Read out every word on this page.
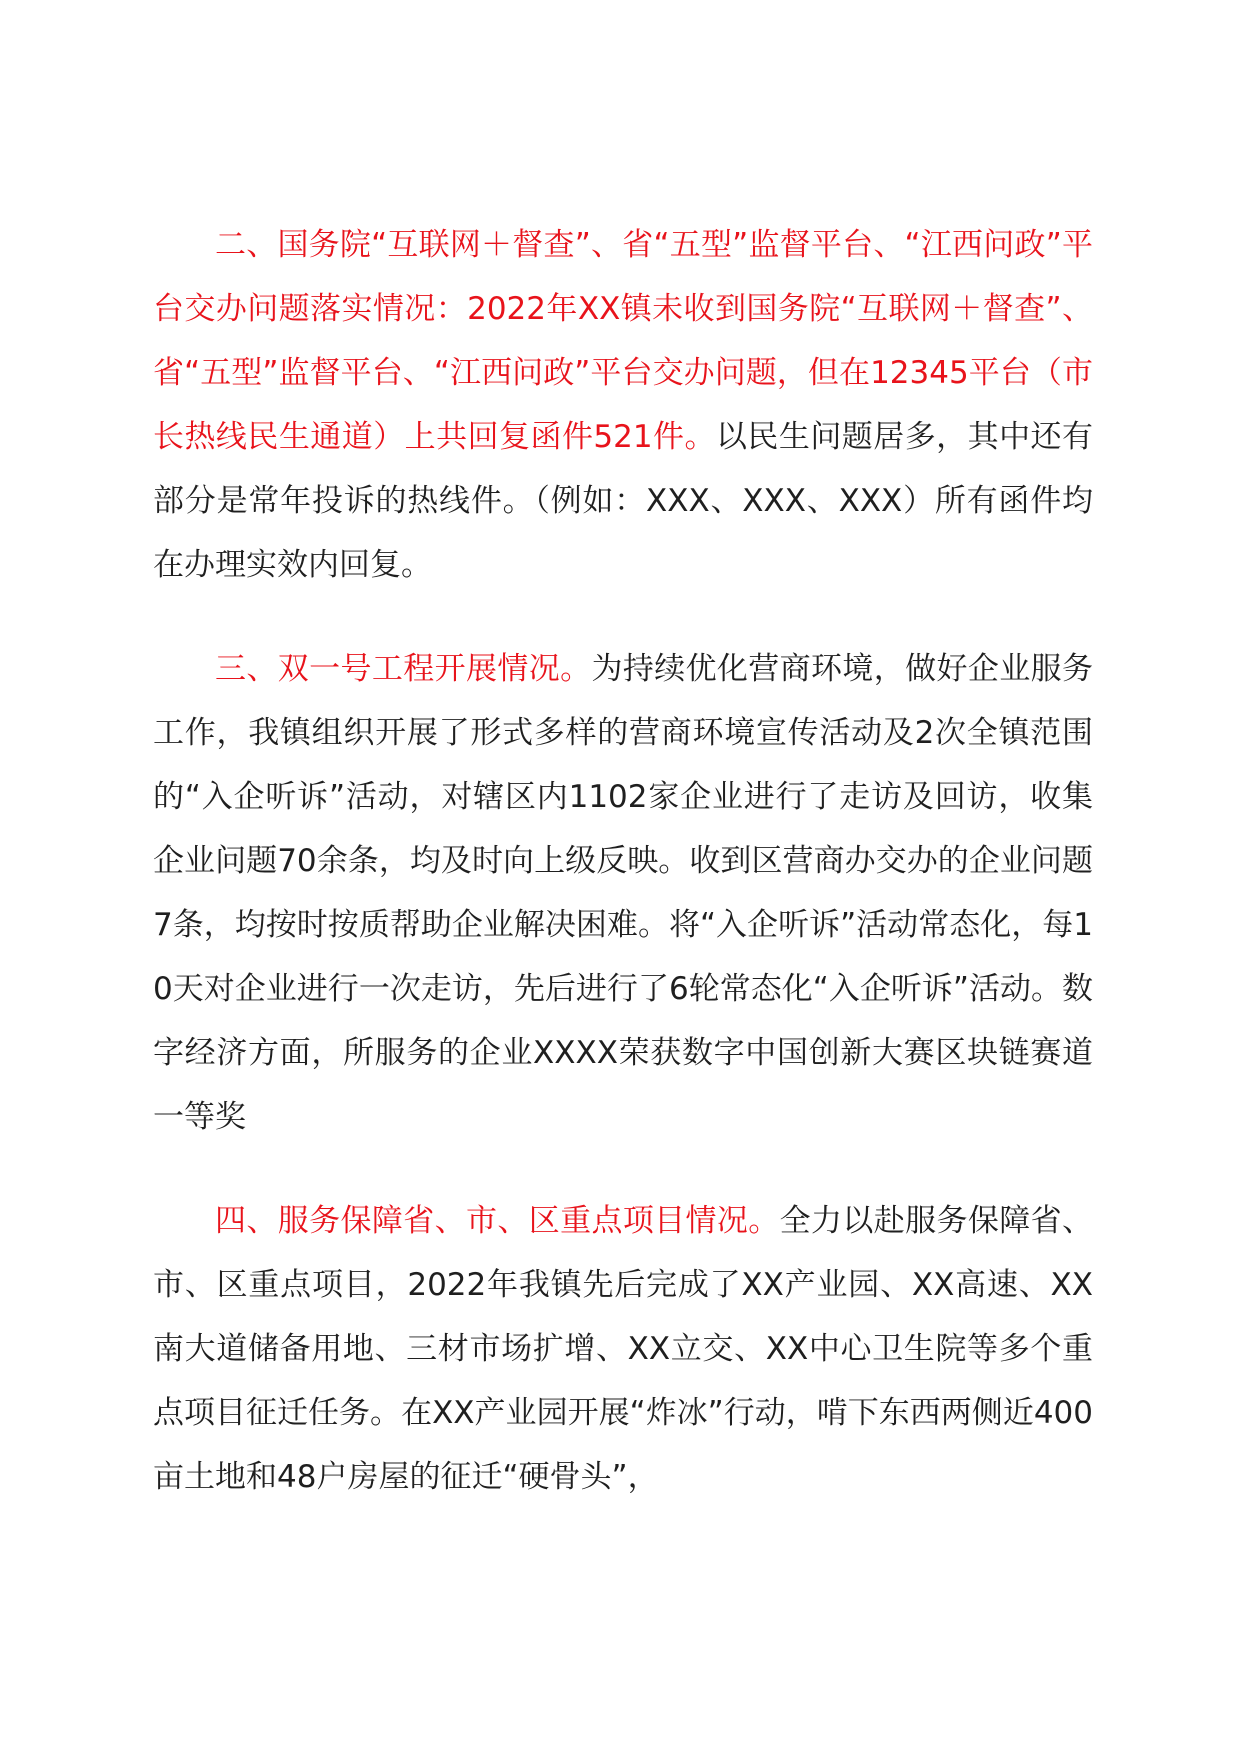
二、国务院“互联网＋督查”、省“五型”监督平台、“江西问政”平台交办问题落实情况：2022年XX镇未收到国务院“互联网＋督查”、省“五型”监督平台、“江西问政”平台交办问题，但在12345平台（市长热线民生通道）上共回复函件521件。以民生问题居多，其中还有部分是常年投诉的热线件。（例如：XXX、XXX、XXX）所有函件均在办理实效内回复。

三、双一号工程开展情况。为持续优化营商环境，做好企业服务工作，我镇组织开展了形式多样的营商环境宣传活动及2次全镇范围的“入企听诉”活动，对辖区内1102家企业进行了走访及回访，收集企业问题70余条，均及时向上级反映。收到区营商办交办的企业问题7条，均按时按质帮助企业解决困难。将“入企听诉”活动常态化，每10天对企业进行一次走访，先后进行了6轮常态化“入企听诉”活动。数字经济方面，所服务的企业XXXX荣获数字中国创新大赛区块链赛道一等奖

四、服务保障省、市、区重点项目情况。全力以赴服务保障省、市、区重点项目，2022年我镇先后完成了XX产业园、XX高速、XX南大道储备用地、三材市场扩增、XX立交、XX中心卫生院等多个重点项目征迁任务。在XX产业园开展“炸冰”行动，啃下东西两侧近400亩土地和48户房屋的征迁“硬骨头”，
